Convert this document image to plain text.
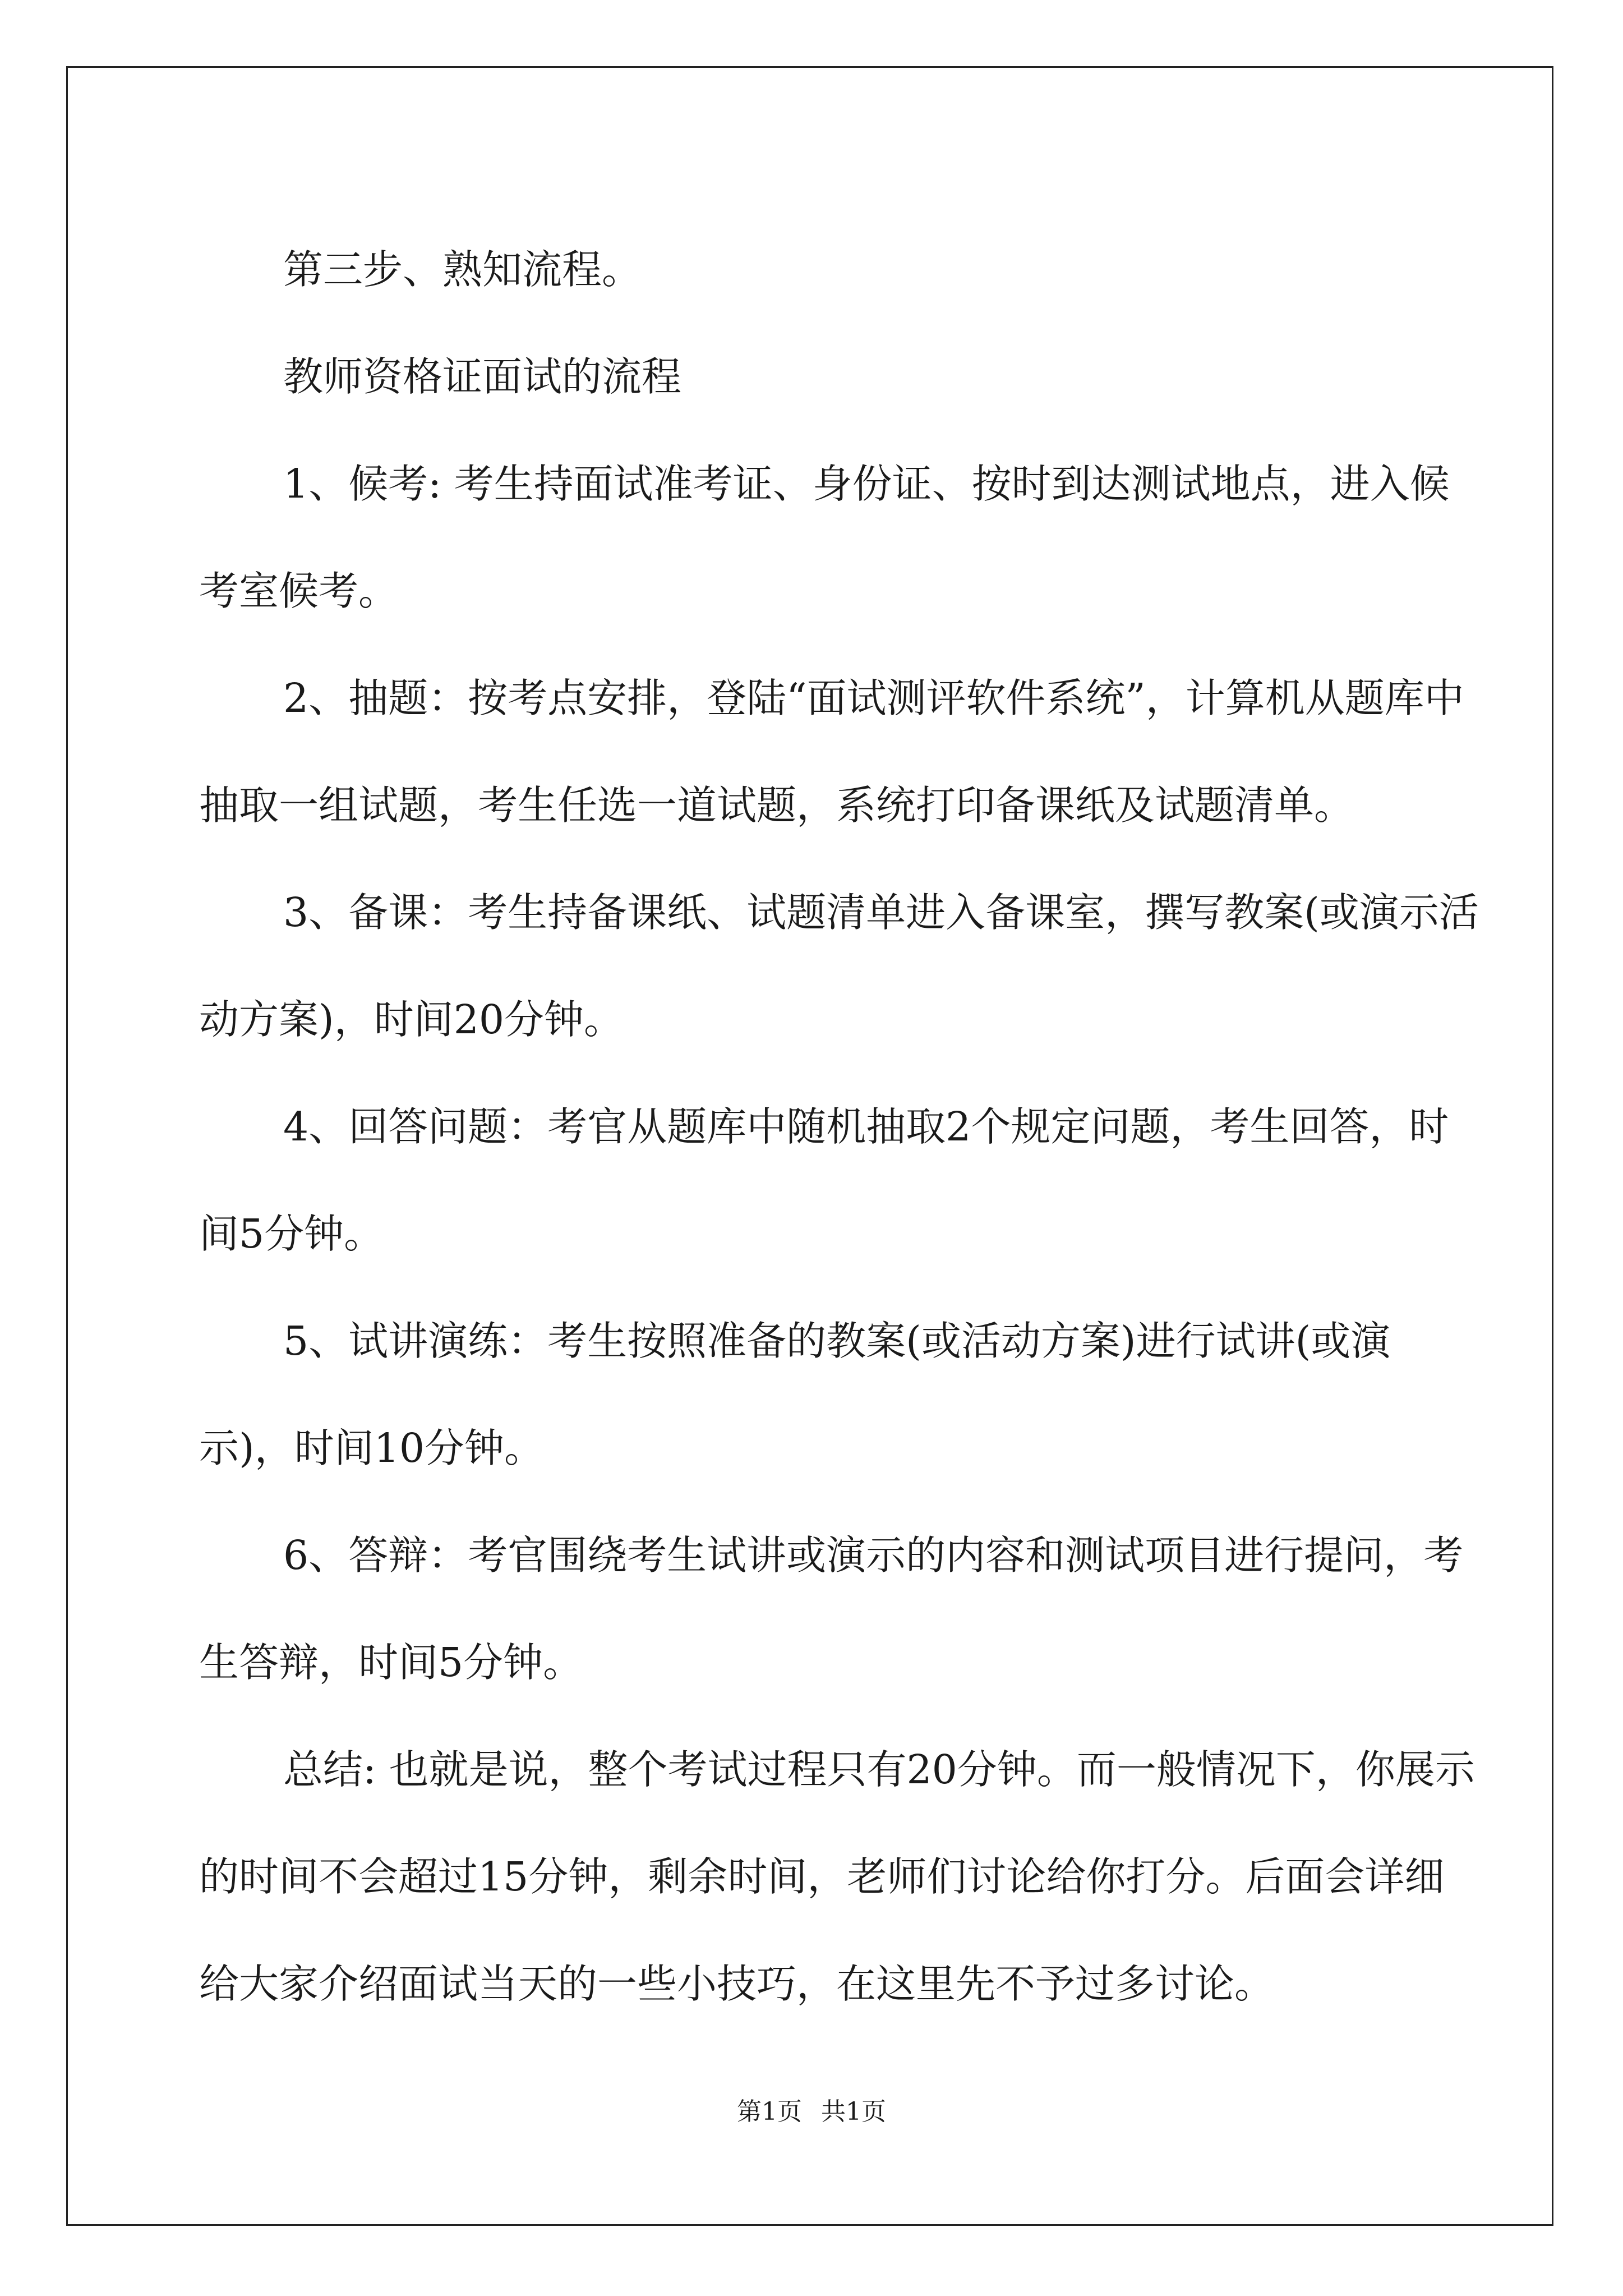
第三步、熟知流程。

教师资格证面试的流程

1、候考: 考生持面试准考证、身份证、按时到达测试地点，进入候考室候考。

2、抽题：按考点安排，登陆“面试测评软件系统”，计算机从题库中抽取一组试题，考生任选一道试题，系统打印备课纸及试题清单。

3、备课：考生持备课纸、试题清单进入备课室，撰写教案(或演示活动方案)，时间20分钟。

4、回答问题：考官从题库中随机抽取2个规定问题，考生回答，时间5分钟。

5、试讲演练：考生按照准备的教案(或活动方案)进行试讲(或演示)，时间10分钟。

6、答辩：考官围绕考生试讲或演示的内容和测试项目进行提问，考生答辩，时间5分钟。

总结: 也就是说，整个考试过程只有20分钟。而一般情况下，你展示的时间不会超过15分钟，剩余时间，老师们讨论给你打分。后面会详细给大家介绍面试当天的一些小技巧，在这里先不予过多讨论。

第1页 共1页
